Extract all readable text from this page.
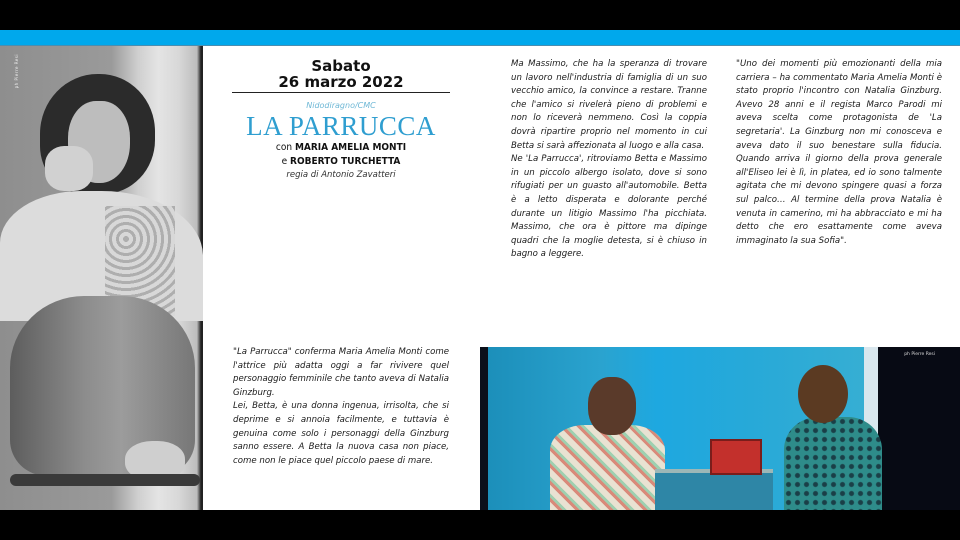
ph Pierre Resi	Sabato
26 marzo 2022
Nidodiragno/CMC
LA PARRUCCA
con MARIA AMELIA MONTI
e ROBERTO TURCHETTA
regia di Antonio Zavatteri

Ma Massimo, che ha la speranza di trovare un lavoro nell'industria di famiglia di un suo vecchio amico, la convince a restare. Tranne che l'amico si rivelerà pieno di problemi e non lo riceverà nemmeno. Così la coppia dovrà ripartire proprio nel momento in cui Betta si sarà affezionata al luogo e alla casa.

Ne 'La Parrucca', ritroviamo Betta e Massimo in un piccolo albergo isolato, dove si sono rifugiati per un guasto all'automobile. Betta è a letto disperata e dolorante perché durante un litigio Massimo l'ha picchiata. Massimo, che ora è pittore ma dipinge quadri che la moglie detesta, si è chiuso in bagno a leggere.

"Uno dei momenti più emozionanti della mia carriera – ha commentato Maria Amelia Monti è stato proprio l'incontro con Natalia Ginzburg. Avevo 28 anni e il regista Marco Parodi mi aveva scelta come protagonista de 'La segretaria'. La Ginzburg non mi conosceva e aveva dato il suo benestare sulla fiducia. Quando arriva il giorno della prova generale all'Eliseo lei è lì, in platea, ed io sono talmente agitata che mi devono spingere quasi a forza sul palco… Al termine della prova Natalia è venuta in camerino, mi ha abbracciato e mi ha detto che ero esattamente come aveva immaginato la sua Sofia".

"La Parrucca" conferma Maria Amelia Monti come l'attrice più adatta oggi a far rivivere quel personaggio femminile che tanto aveva di Natalia Ginzburg.

Lei, Betta, è una donna ingenua, irrisolta, che si deprime e si annoia facilmente, e tuttavia è genuina come solo i personaggi della Ginzburg sanno essere. A Betta la nuova casa non piace, come non le piace quel piccolo paese di mare.

ph Pierre Resi
